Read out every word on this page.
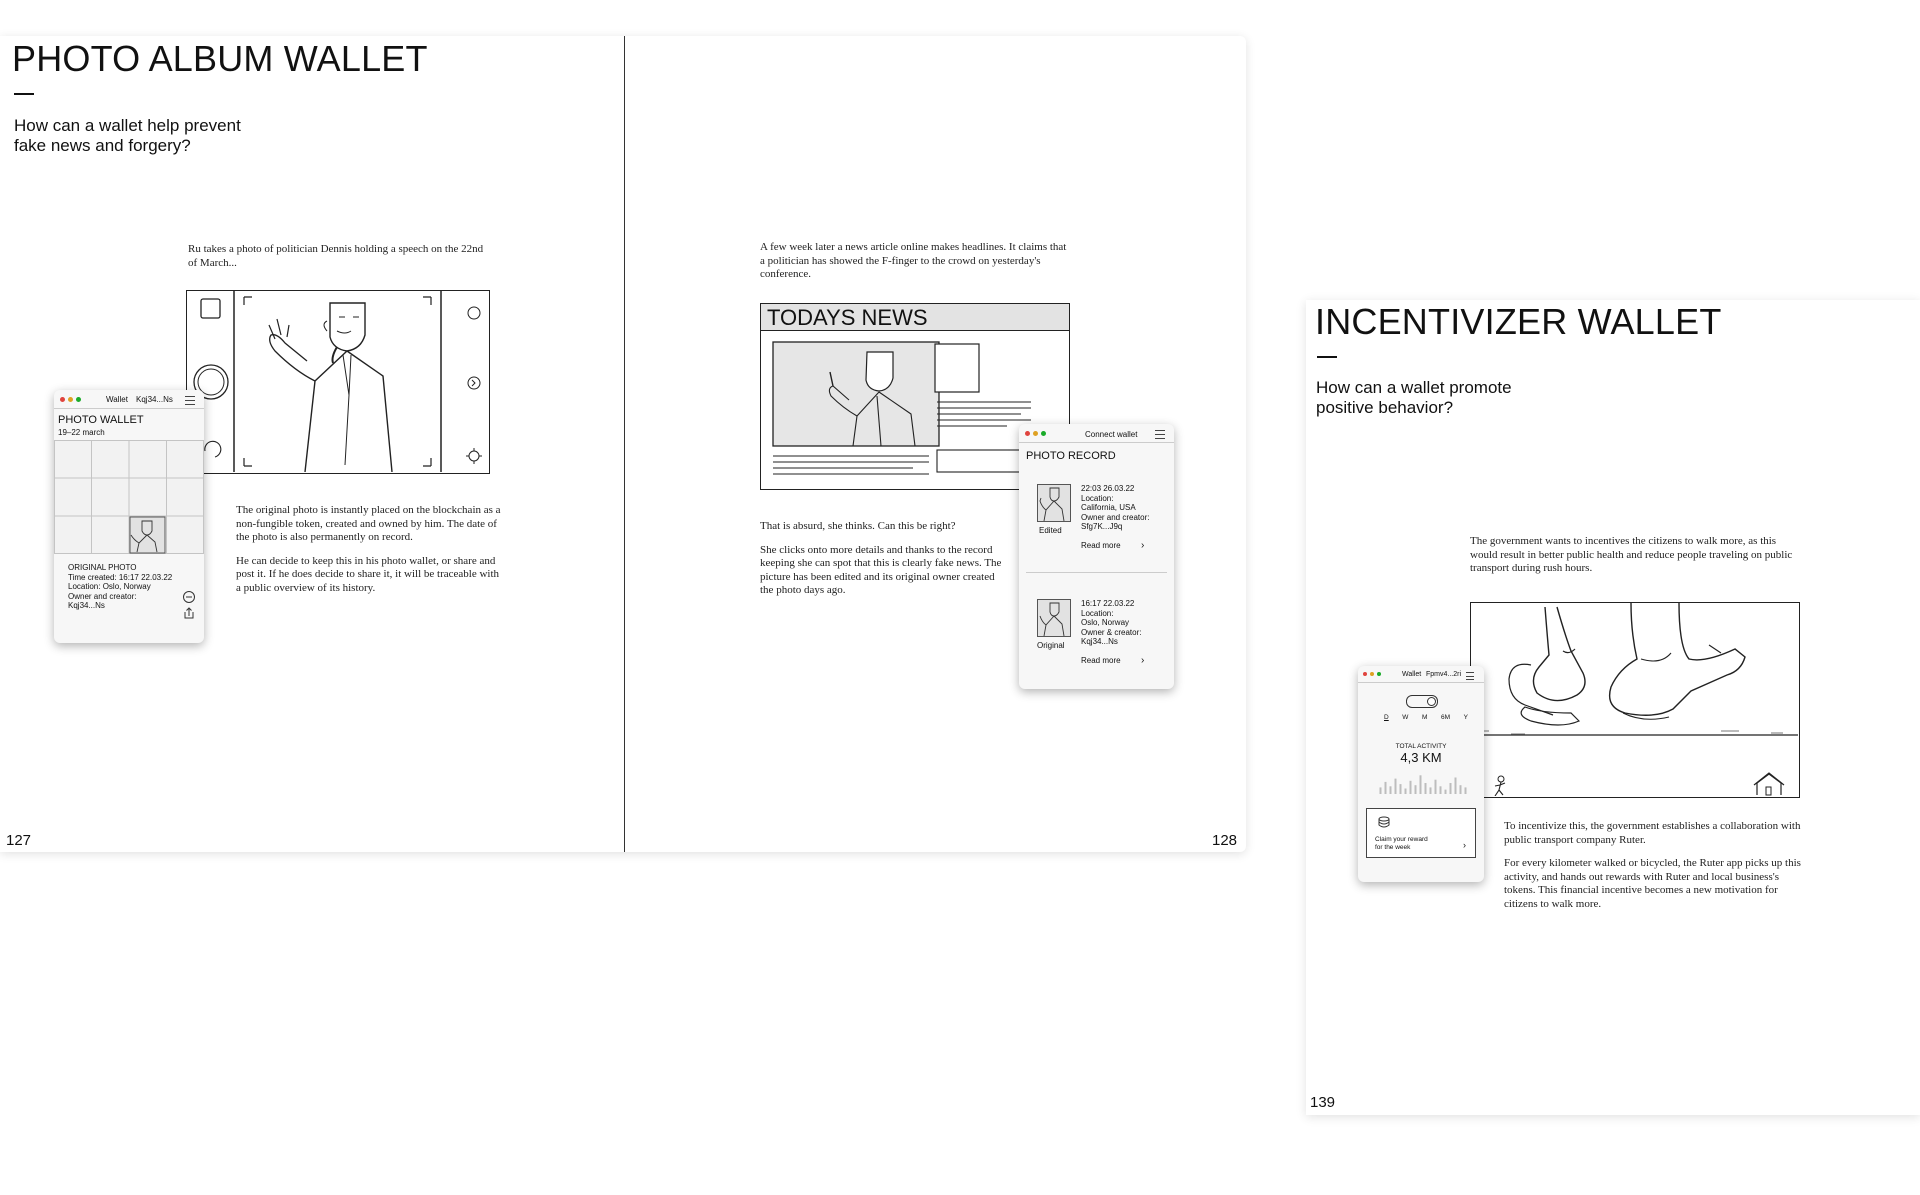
PHOTO ALBUM WALLET
How can a wallet help prevent
fake news and forgery?
Ru takes a photo of politician Dennis holding a speech on the 22nd of March...

The original photo is instantly placed on the blockchain as a non-fungible token, created and owned by him. The date of the photo is also permanently on record.

He can decide to keep this in his photo wallet, or share and post it. If he does decide to share it, it will be traceable with a public overview of its history.

127
A few week later a news article online makes headlines. It claims that a politician has showed the F-finger to the crowd on yesterday's conference.
TODAYS NEWS

That is absurd, she thinks. Can this be right?

She clicks onto more details and thanks to the record keeping she can spot that this is clearly fake news. The picture has been edited and its original owner created the photo days ago.

128
Wallet Kqj34...Ns
PHOTO WALLET
19–22 march
ORIGINAL PHOTO
Time created: 16:17 22.03.22
Location: Oslo, Norway
Owner and creator:
Kqj34...Ns
Connect wallet
PHOTO RECORD
Edited
22:03 26.03.22
Location:
California, USA
Owner and creator:
Sfg7K...J9q
Read more ›
Original
16:17 22.03.22
Location:
Oslo, Norway
Owner & creator:
Kqj34...Ns
Read more ›
INCENTIVIZER WALLET
How can a wallet promote
positive behavior?
The government wants to incentives the citizens to walk more, as this would result in better public health and reduce people traveling on public transport during rush hours.

To incentivize this, the government establishes a collaboration with public transport company Ruter.

For every kilometer walked or bicycled, the Ruter app picks up this activity, and hands out rewards with Ruter and local business's tokens. This financial incentive becomes a new motivation for citizens to walk more.

139
Wallet Fpmv4...2ri
D W M 6M Y
TOTAL ACTIVITY
4,3 KM
Claim your reward
for the week	›
